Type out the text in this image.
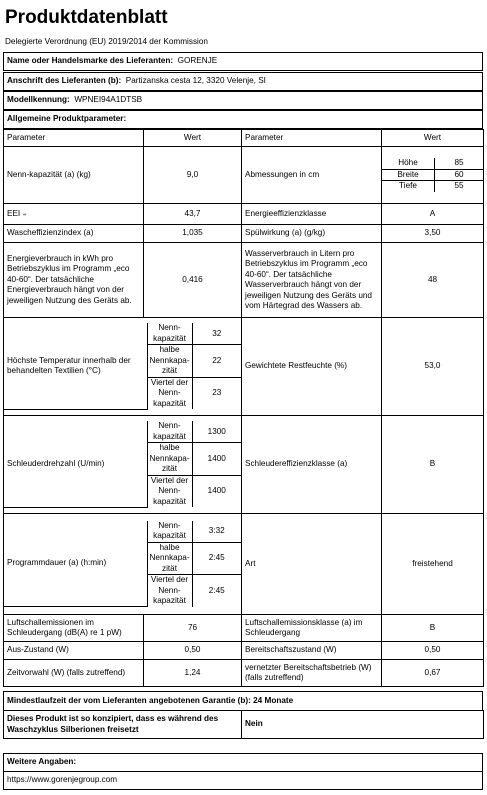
Produktdatenblatt
Delegierte Verordnung (EU) 2019/2014 der Kommission
Name oder Handelsmarke des Lieferanten: GORENJE
Anschrift des Lieferanten (b): Partizanska cesta 12, 3320 Velenje, SI
Modellkennung: WPNEI94A1DTSB
Allgemeine Produktparameter:
Parameter	Wert	Parameter	Wert
Nenn-kapazität (a) (kg)	9,0	Abmessungen in cm	
Höhe	85
Breite	60
Tiefe	55

EEI ₌	43,7	Energieeffizienzklasse	A
Wascheffizienzindex (a)	1,035	Spülwirkung (a) (g/kg)	3,50
Energieverbrauch in kWh pro Betriebszyklus im Programm „eco 40-60“. Der tatsächliche Energieverbrauch hängt von der jeweiligen Nutzung des Geräts ab.	0,416	Wasserverbrauch in Litern pro Betriebszyklus im Programm „eco 40-60“. Der tatsächliche Wasserverbrauch hängt von der jeweiligen Nutzung des Geräts und vom Härtegrad des Wassers ab.	48

Höchste Temperatur innerhalb der behandelten Textilien (°C)	Nenn-kapazität	32
halbe Nennkapa-zität	22
Viertel der Nenn-kapazität	23
	Gewichtete Restfeuchte (%)	53,0

Schleuderdrehzahl (U/min)	Nenn-kapazität	1300
halbe Nennkapa-zität	1400
Viertel der Nenn-kapazität	1400
	Schleudereffizienzklasse (a)	B

Programmdauer (a) (h:min)	Nenn-kapazität	3:32
halbe Nennkapa-zität	2:45
Viertel der Nenn-kapazität	2:45
	Art	freistehend
Luftschallemissionen im Schleudergang (dB(A) re 1 pW)	76	Luftschallemissionsklasse (a) im Schleudergang	B
Aus-Zustand (W)	0,50	Bereitschaftszustand (W)	0,50
Zeitvorwahl (W) (falls zutreffend)	1,24	vernetzter Bereitschaftsbetrieb (W) (falls zutreffend)	0,67
Mindestlaufzeit der vom Lieferanten angebotenen Garantie (b): 24 Monate
Dieses Produkt ist so konzipiert, dass es während des Waschzyklus Silberionen freisetzt	Nein
Weitere Angaben:
https://www.gorenjegroup.com
